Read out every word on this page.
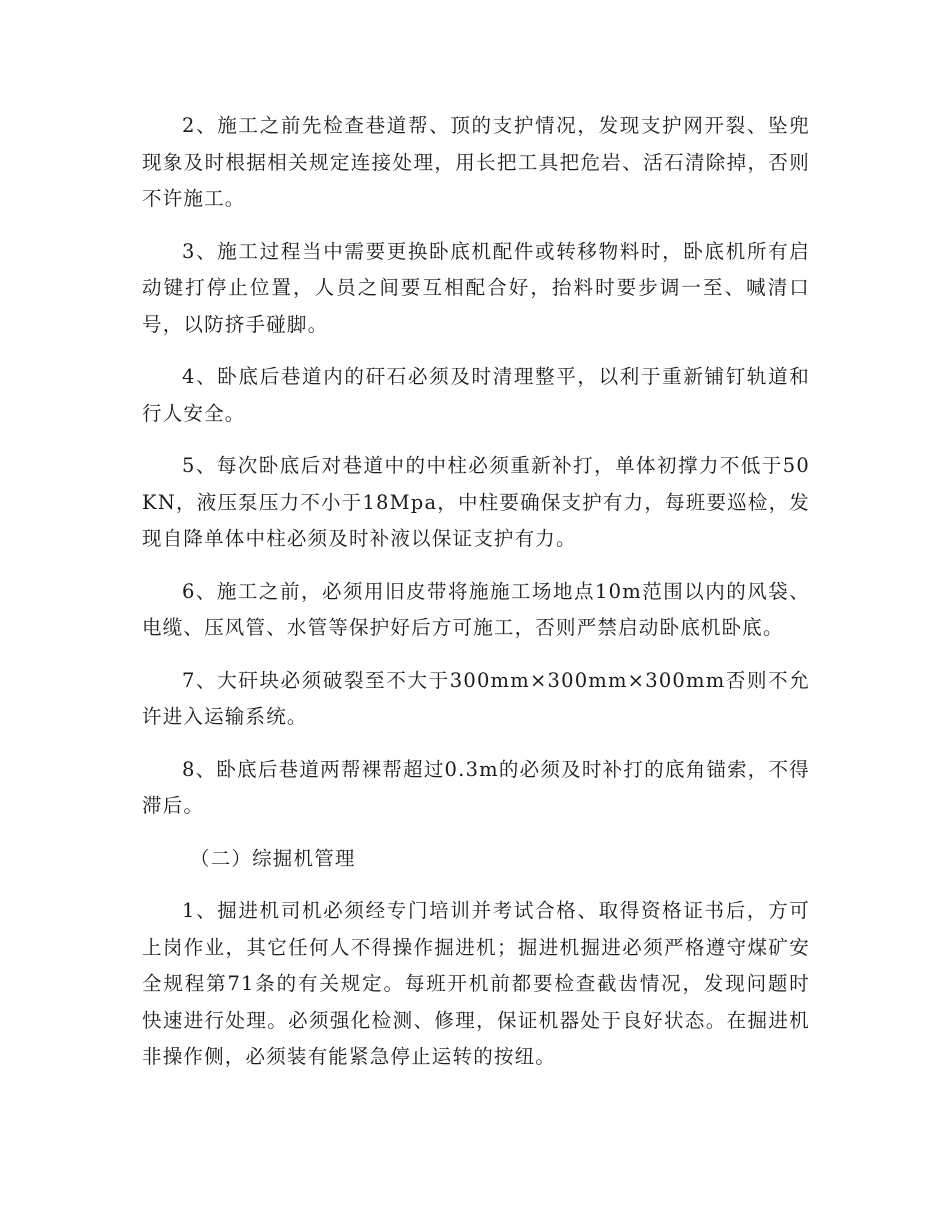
2、施工之前先检查巷道帮、顶的支护情况，发现支护网开裂、坠兜现象及时根据相关规定连接处理，用长把工具把危岩、活石清除掉，否则不许施工。

3、施工过程当中需要更换卧底机配件或转移物料时，卧底机所有启动键打停止位置，人员之间要互相配合好，抬料时要步调一至、喊清口号，以防挤手碰脚。

4、卧底后巷道内的矸石必须及时清理整平，以利于重新铺钉轨道和行人安全。

5、每次卧底后对巷道中的中柱必须重新补打，单体初撑力不低于50KN，液压泵压力不小于18Mpa，中柱要确保支护有力，每班要巡检，发现自降单体中柱必须及时补液以保证支护有力。

6、施工之前，必须用旧皮带将施施工场地点10m范围以内的风袋、电缆、压风管、水管等保护好后方可施工，否则严禁启动卧底机卧底。

7、大矸块必须破裂至不大于300mm×300mm×300mm否则不允许进入运输系统。

8、卧底后巷道两帮裸帮超过0.3m的必须及时补打的底角锚索，不得滞后。

（二）综掘机管理

1、掘进机司机必须经专门培训并考试合格、取得资格证书后，方可上岗作业，其它任何人不得操作掘进机；掘进机掘进必须严格遵守煤矿安全规程第71条的有关规定。每班开机前都要检查截齿情况，发现问题时快速进行处理。必须强化检测、修理，保证机器处于良好状态。在掘进机非操作侧，必须装有能紧急停止运转的按纽。
